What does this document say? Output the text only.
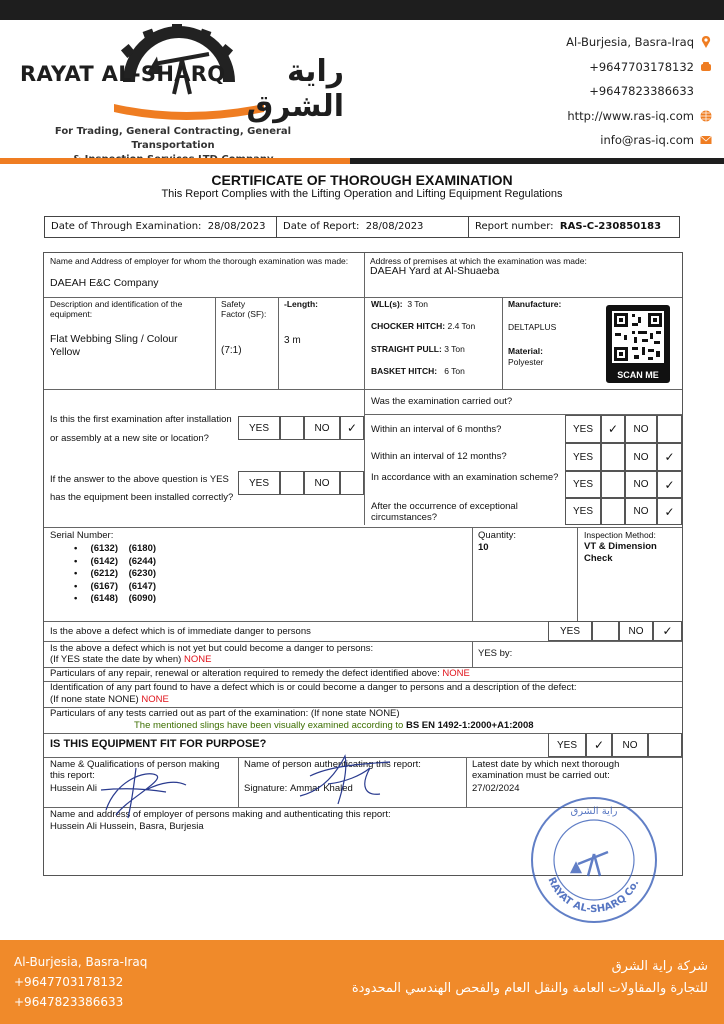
RAYAT AL-SHARQ	راية الشرق
For Trading, General Contracting, General Transportation
Al-Burjesia, Basra-Iraq
+9647703178132
+9647823386633
http://www.ras-iq.com
info@ras-iq.com
CERTIFICATE OF THOROUGH EXAMINATION
This Report Complies with the Lifting Operation and Lifting Equipment Regulations
Date of Through Examination: 28/08/2023	Date of Report: 28/08/2023	Report number: RAS-C-230850183
Name and Address of employer for whom the thorough examination was made:
DAEAH E&C Company
Address of premises at which the examination was made:
DAEAH Yard at Al-Shuaeba
Description and identification of the equipment:
Flat Webbing Sling / Colour Yellow
Safety Factor (SF):
(7:1)
-Length:
3 m
WLL(s): 3 Ton
CHOCKER HITCH: 2.4 Ton
STRAIGHT PULL: 3 Ton
BASKET HITCH: 6 Ton
Manufacture:
DELTAPLUS
Material:
Polyester
SCAN ME
Is this the first examination after installation or assembly at a new site or location?
YES	NO	✓
If the answer to the above question is YES has the equipment been installed correctly?
YES	NO
Was the examination carried out?
Within an interval of 6 months?	YES	✓	NO
Within an interval of 12 months?	YES	NO	✓
In accordance with an examination scheme?
YES	NO	✓
After the occurrence of exceptional circumstances?
YES	NO	✓
Serial Number:
•     (6132) (6180)
•     (6142) (6244)
•     (6212) (6230)
•     (6167) (6147)
•     (6148) (6090)
Quantity:
10
Inspection Method:
VT & Dimension Check
Is the above a defect which is of immediate danger to persons	YES	NO	✓
Is the above a defect which is not yet but could become a danger to persons:
(If YES state the date by when) NONE
YES by:
Particulars of any repair, renewal or alteration required to remedy the defect identified above: NONE
Identification of any part found to have a defect which is or could become a danger to persons and a description of the defect:
(If none state NONE) NONE
Particulars of any tests carried out as part of the examination: (If none state NONE)
The mentioned slings have been visually examined according to BS EN 1492-1:2000+A1:2008
IS THIS EQUIPMENT FIT FOR PURPOSE?	YES	✓	NO
Name & Qualifications of person making this report:
Hussein Ali
Name of person authenticating this report:
Signature: Ammar Khaled
Latest date by which next thorough examination must be carried out:
27/02/2024
Name and address of employer of persons making and authenticating this report:
Hussein Ali Hussein, Basra, Burjesia
RAYAT AL-SHARQ Co.
راية الشرق
Al-Burjesia, Basra-Iraq
+9647703178132
+9647823386633
شركة راية الشرق
للتجارة والمقاولات العامة والنقل العام والفحص الهندسي المحدودة
